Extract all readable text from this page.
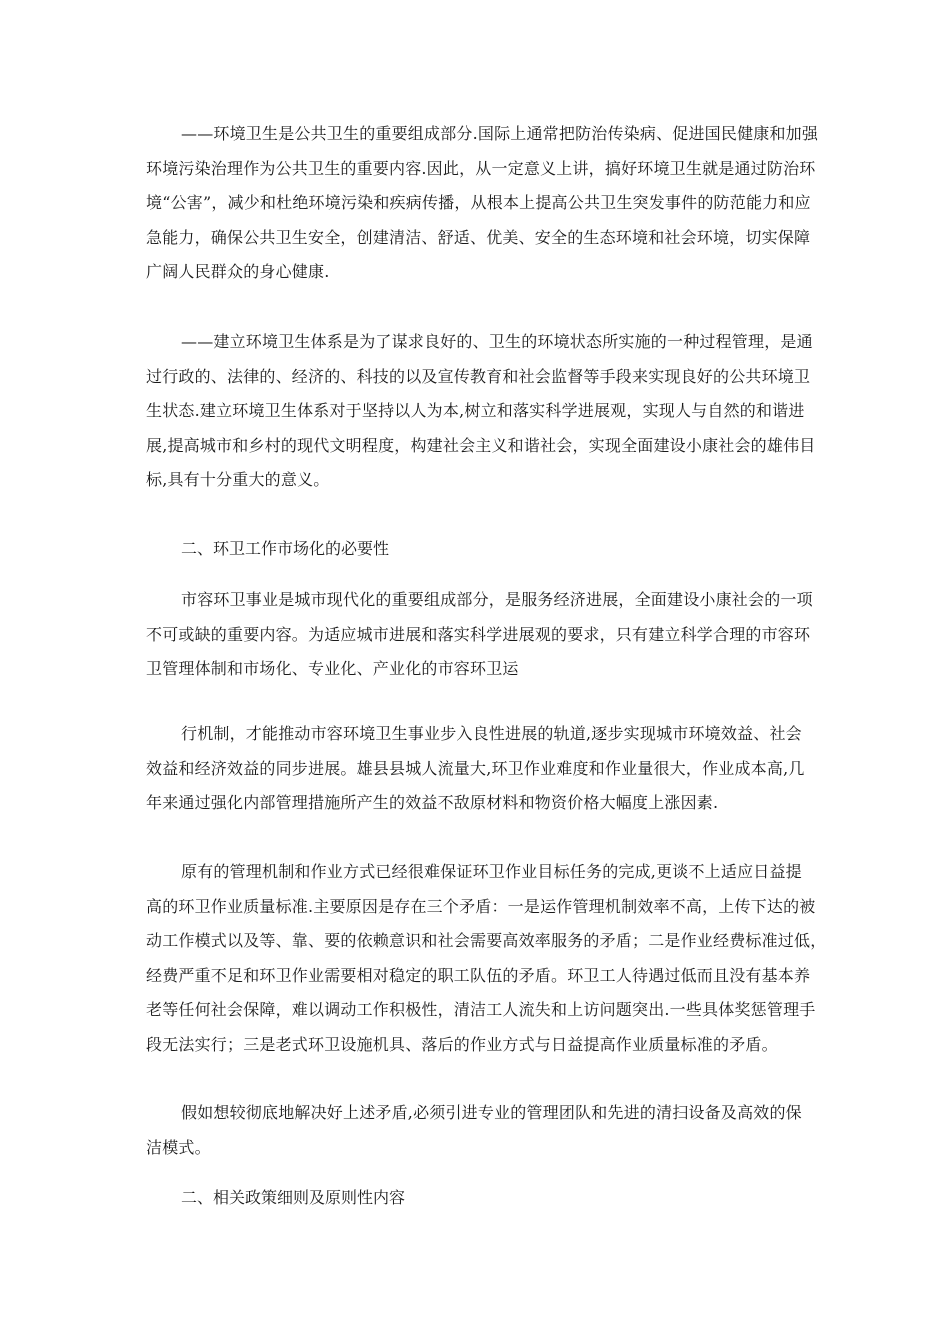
——环境卫生是公共卫生的重要组成部分.国际上通常把防治传染病、促进国民健康和加强
环境污染治理作为公共卫生的重要内容.因此，从一定意义上讲，搞好环境卫生就是通过防治环
境“公害”，减少和杜绝环境污染和疾病传播，从根本上提高公共卫生突发事件的防范能力和应
急能力，确保公共卫生安全，创建清洁、舒适、优美、安全的生态环境和社会环境，切实保障
广阔人民群众的身心健康.

——建立环境卫生体系是为了谋求良好的、卫生的环境状态所实施的一种过程管理，是通
过行政的、法律的、经济的、科技的以及宣传教育和社会监督等手段来实现良好的公共环境卫
生状态.建立环境卫生体系对于坚持以人为本,树立和落实科学进展观，实现人与自然的和谐进
展,提高城市和乡村的现代文明程度，构建社会主义和谐社会，实现全面建设小康社会的雄伟目
标,具有十分重大的意义。

二、环卫工作市场化的必要性

市容环卫事业是城市现代化的重要组成部分，是服务经济进展，全面建设小康社会的一项
不可或缺的重要内容。为适应城市进展和落实科学进展观的要求，只有建立科学合理的市容环
卫管理体制和市场化、专业化、产业化的市容环卫运

行机制，才能推动市容环境卫生事业步入良性进展的轨道,逐步实现城市环境效益、社会
效益和经济效益的同步进展。雄县县城人流量大,环卫作业难度和作业量很大，作业成本高,几
年来通过强化内部管理措施所产生的效益不敌原材料和物资价格大幅度上涨因素.

原有的管理机制和作业方式已经很难保证环卫作业目标任务的完成,更谈不上适应日益提
高的环卫作业质量标准.主要原因是存在三个矛盾：一是运作管理机制效率不高，上传下达的被
动工作模式以及等、靠、要的依赖意识和社会需要高效率服务的矛盾；二是作业经费标准过低，
经费严重不足和环卫作业需要相对稳定的职工队伍的矛盾。环卫工人待遇过低而且没有基本养
老等任何社会保障，难以调动工作积极性，清洁工人流失和上访问题突出.一些具体奖惩管理手
段无法实行；三是老式环卫设施机具、落后的作业方式与日益提高作业质量标准的矛盾。

假如想较彻底地解决好上述矛盾,必须引进专业的管理团队和先进的清扫设备及高效的保
洁模式。

二、相关政策细则及原则性内容
